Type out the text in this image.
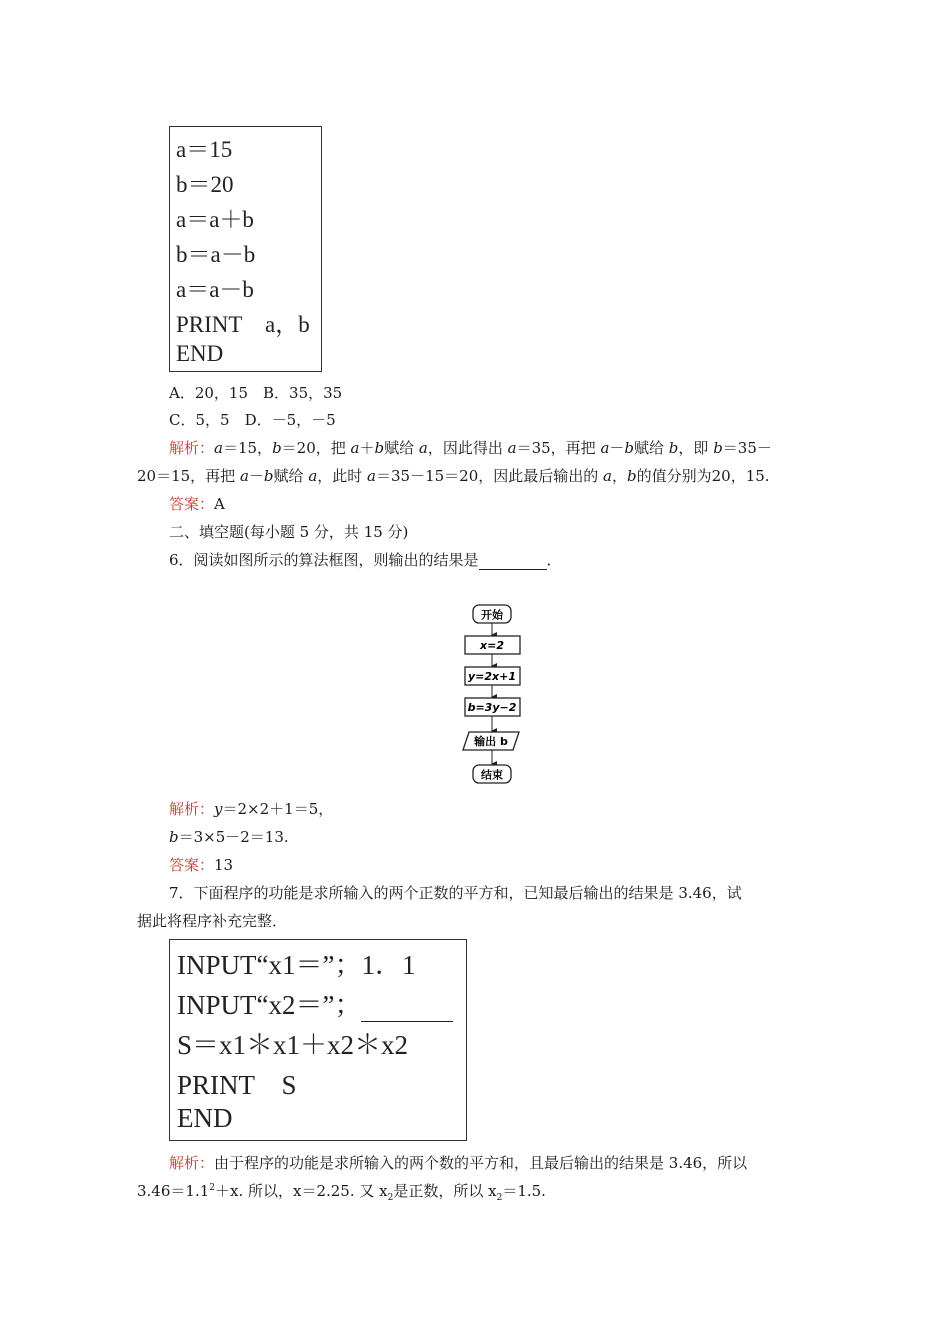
a＝15
b＝20
a＝a＋b
b＝a－b
a＝a－b
PRINT　a，b
END
A．20，15　B．35，35
C．5，5　D．－5，－5
解析：a＝15，b＝20，把 a＋b赋给 a，因此得出 a＝35，再把 a－b赋给 b，即 b＝35－
20＝15，再把 a－b赋给 a，此时 a＝35－15＝20，因此最后输出的 a，b的值分别为20，15.
答案：A
二、填空题(每小题 5 分，共 15 分)
6．阅读如图所示的算法框图，则输出的结果是	．
开始
x=2
y=2x+1
b=3y−2
输出 b
结束
解析：y＝2×2＋1＝5，
b＝3×5－2＝13.
答案：13
7．下面程序的功能是求所输入的两个正数的平方和，已知最后输出的结果是 3.46，试
据此将程序补充完整．
INPUT“x1＝”；1．1
INPUT“x2＝”；
S＝x1＊x1＋x2＊x2
PRINT　S
END
解析：由于程序的功能是求所输入的两个数的平方和，且最后输出的结果是 3.46，所以
$3.46=1.1^2+x$. 所以，x＝2.25. 又 $x_2$是正数，所以 $x_2=1.5$.
